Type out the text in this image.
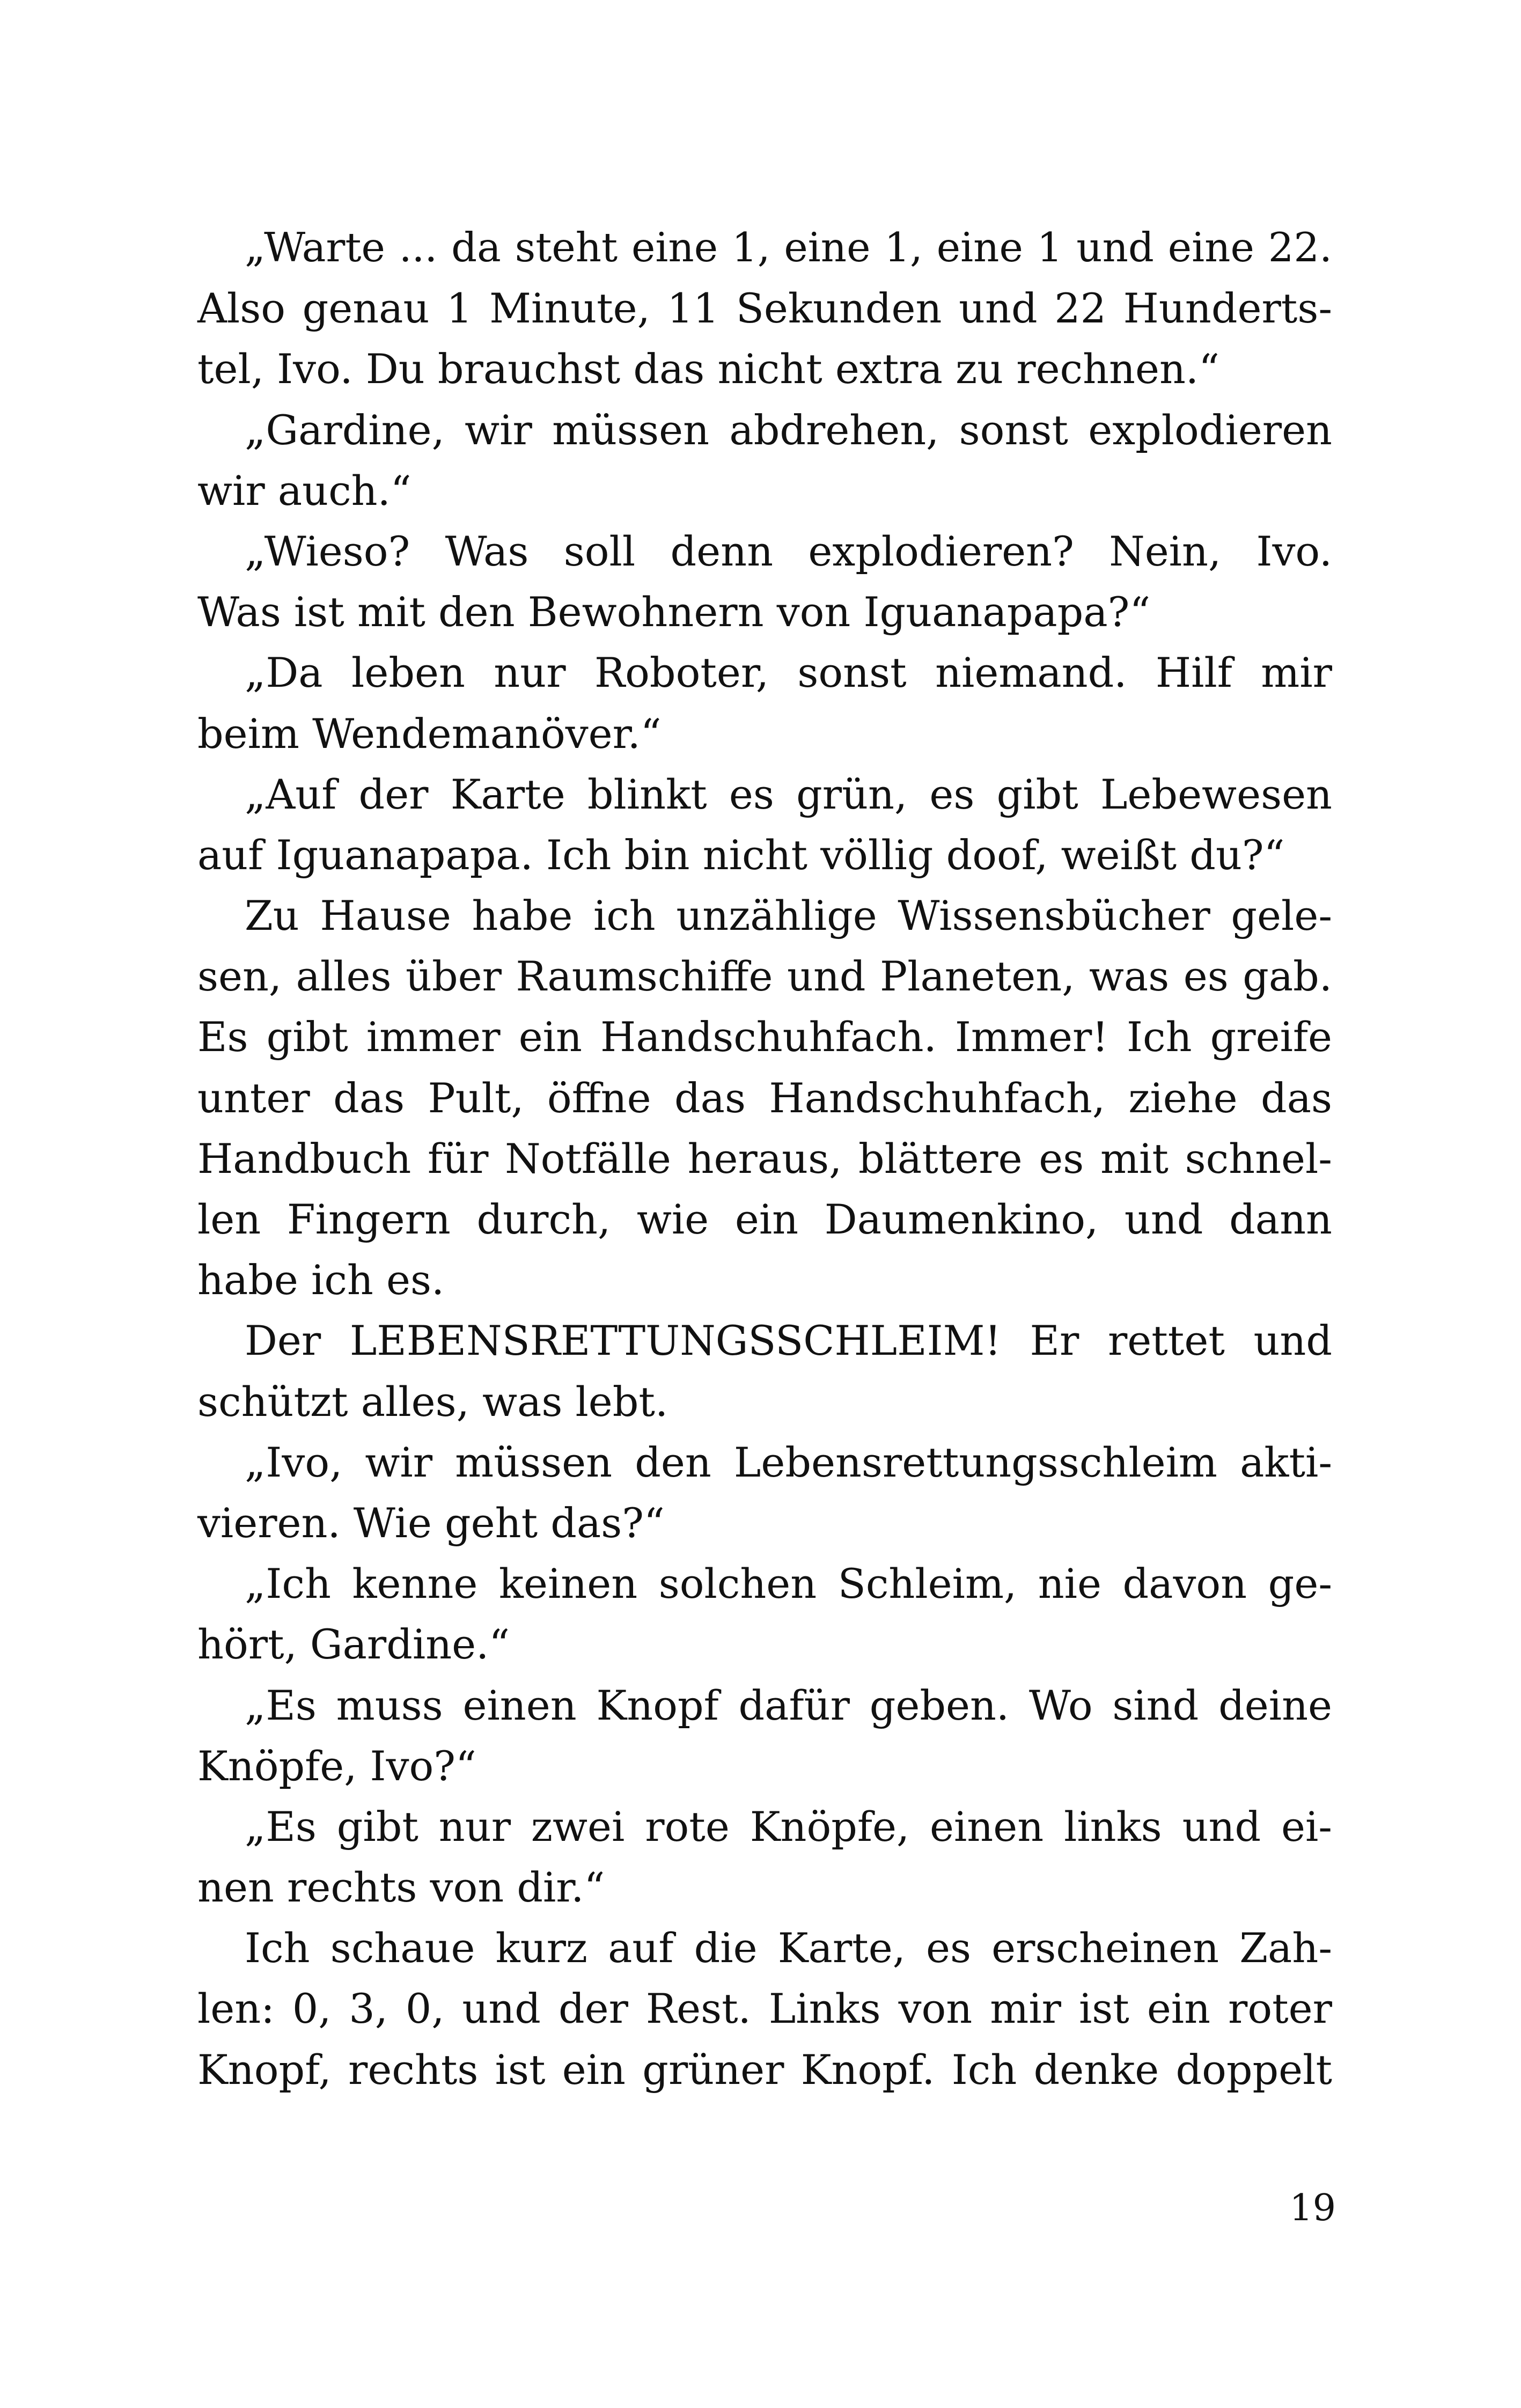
„Warte ... da steht eine 1, eine 1, eine 1 und eine 22.
Also genau 1 Minute, 11 Sekunden und 22 Hunderts-
tel, Ivo. Du brauchst das nicht extra zu rechnen.“
„Gardine, wir müssen abdrehen, sonst explodieren
wir auch.“
„Wieso? Was soll denn explodieren? Nein, Ivo.
Was ist mit den Bewohnern von Iguanapapa?“
„Da leben nur Roboter, sonst niemand. Hilf mir
beim Wendemanöver.“
„Auf der Karte blinkt es grün, es gibt Lebewesen
auf Iguanapapa. Ich bin nicht völlig doof, weißt du?“
Zu Hause habe ich unzählige Wissensbücher gele-
sen, alles über Raumschiffe und Planeten, was es gab.
Es gibt immer ein Handschuhfach. Immer! Ich greife
unter das Pult, öffne das Handschuhfach, ziehe das
Handbuch für Notfälle heraus, blättere es mit schnel-
len Fingern durch, wie ein Daumenkino, und dann
habe ich es.
Der LEBENSRETTUNGSSCHLEIM! Er rettet und
schützt alles, was lebt.
„Ivo, wir müssen den Lebensrettungsschleim akti-
vieren. Wie geht das?“
„Ich kenne keinen solchen Schleim, nie davon ge-
hört, Gardine.“
„Es muss einen Knopf dafür geben. Wo sind deine
Knöpfe, Ivo?“
„Es gibt nur zwei rote Knöpfe, einen links und ei-
nen rechts von dir.“
Ich schaue kurz auf die Karte, es erscheinen Zah-
len: 0, 3, 0, und der Rest. Links von mir ist ein roter
Knopf, rechts ist ein grüner Knopf. Ich denke doppelt
19
